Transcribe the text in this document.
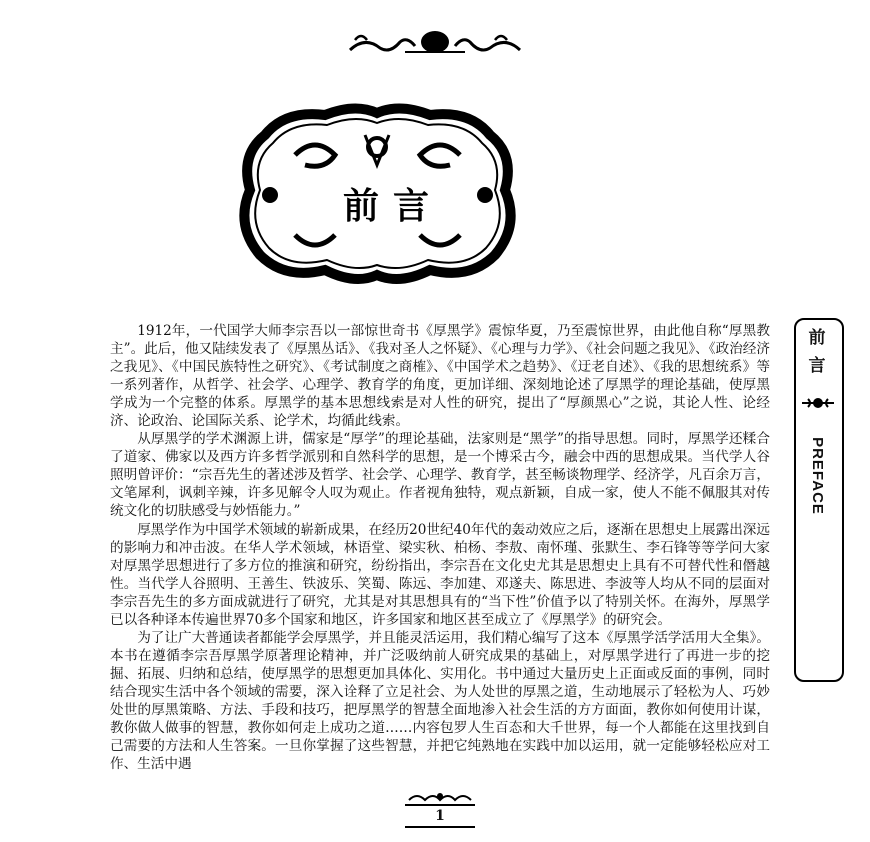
前言
前言
PREFACE

1912年，一代国学大师李宗吾以一部惊世奇书《厚黑学》震惊华夏，乃至震惊世界，由此他自称“厚黑教主”。此后，他又陆续发表了《厚黑丛话》、《我对圣人之怀疑》、《心理与力学》、《社会问题之我见》、《政治经济之我见》、《中国民族特性之研究》、《考试制度之商榷》、《中国学术之趋势》、《迂老自述》、《我的思想统系》等一系列著作，从哲学、社会学、心理学、教育学的角度，更加详细、深刻地论述了厚黑学的理论基础，使厚黑学成为一个完整的体系。厚黑学的基本思想线索是对人性的研究，提出了“厚颜黑心”之说，其论人性、论经济、论政治、论国际关系、论学术，均循此线索。

从厚黑学的学术渊源上讲，儒家是“厚学”的理论基础，法家则是“黑学”的指导思想。同时，厚黑学还糅合了道家、佛家以及西方许多哲学派别和自然科学的思想，是一个博采古今，融会中西的思想成果。当代学人谷照明曾评价：“宗吾先生的著述涉及哲学、社会学、心理学、教育学，甚至畅谈物理学、经济学，凡百余万言，文笔犀利，讽刺辛辣，许多见解令人叹为观止。作者视角独特，观点新颖，自成一家，使人不能不佩服其对传统文化的切肤感受与妙悟能力。”

厚黑学作为中国学术领域的崭新成果，在经历20世纪40年代的轰动效应之后，逐渐在思想史上展露出深远的影响力和冲击波。在华人学术领域，林语堂、梁实秋、柏杨、李敖、南怀瑾、张默生、李石锋等等学问大家对厚黑学思想进行了多方位的推演和研究，纷纷指出，李宗吾在文化史尤其是思想史上具有不可替代性和僭越性。当代学人谷照明、王善生、铁波乐、笑蜀、陈远、李加建、邓遂夫、陈思进、李波等人均从不同的层面对李宗吾先生的多方面成就进行了研究，尤其是对其思想具有的“当下性”价值予以了特别关怀。在海外，厚黑学已以各种译本传遍世界70多个国家和地区，许多国家和地区甚至成立了《厚黑学》的研究会。

为了让广大普通读者都能学会厚黑学，并且能灵活运用，我们精心编写了这本《厚黑学活学活用大全集》。本书在遵循李宗吾厚黑学原著理论精神，并广泛吸纳前人研究成果的基础上，对厚黑学进行了再进一步的挖掘、拓展、归纳和总结，使厚黑学的思想更加具体化、实用化。书中通过大量历史上正面或反面的事例，同时结合现实生活中各个领域的需要，深入诠释了立足社会、为人处世的厚黑之道，生动地展示了轻松为人、巧妙处世的厚黑策略、方法、手段和技巧，把厚黑学的智慧全面地渗入社会生活的方方面面，教你如何使用计谋，教你做人做事的智慧，教你如何走上成功之道……内容包罗人生百态和大千世界，每一个人都能在这里找到自己需要的方法和人生答案。一旦你掌握了这些智慧，并把它纯熟地在实践中加以运用，就一定能够轻松应对工作、生活中遇

1
